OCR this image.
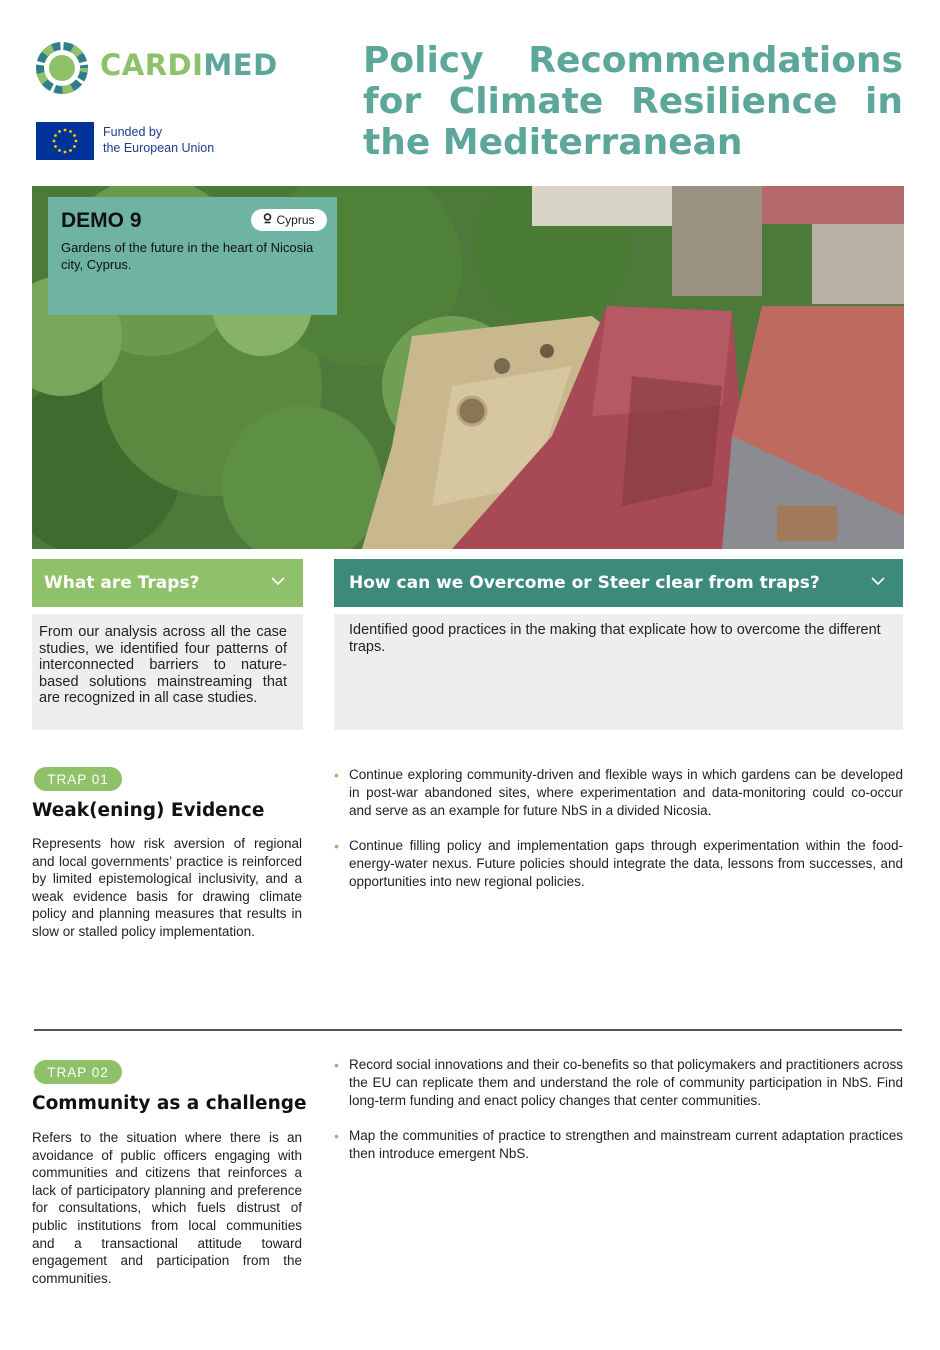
CARDIMED
Funded by
the European Union
Policy Recommendations for Climate Resilience in the Mediterranean
DEMO 9	Cyprus
Gardens of the future in the heart of Nicosia city, Cyprus.
What are Traps?	How can we Overcome or Steer clear from traps?
From our analysis across all the case studies, we identified four patterns of interconnected barriers to nature-based solutions mainstreaming that are recognized in all case studies.
Identified good practices in the making that explicate how to overcome the different traps.
TRAP 01
Weak(ening) Evidence

Represents how risk aversion of regional and local governments’ practice is reinforced by limited epistemological inclusivity, and a weak evidence basis for drawing climate policy and planning measures that results in slow or stalled policy implementation.

• Continue exploring community-driven and flexible ways in which gardens can be developed in post-war abandoned sites, where experimentation and data-monitoring could co-occur and serve as an example for future NbS in a divided Nicosia.
• Continue filling policy and implementation gaps through experimentation within the food-energy-water nexus. Future policies should integrate the data, lessons from successes, and opportunities into new regional policies.
TRAP 02
Community as a challenge

Refers to the situation where there is an avoidance of public officers engaging with communities and citizens that reinforces a lack of participatory planning and preference for consultations, which fuels distrust of public institutions from local communities and a transactional attitude toward engagement and participation from the communities.

• Record social innovations and their co-benefits so that policymakers and practitioners across the EU can replicate them and understand the role of community participation in NbS. Find long-term funding and enact policy changes that center communities.
• Map the communities of practice to strengthen and mainstream current adaptation practices then introduce emergent NbS.
